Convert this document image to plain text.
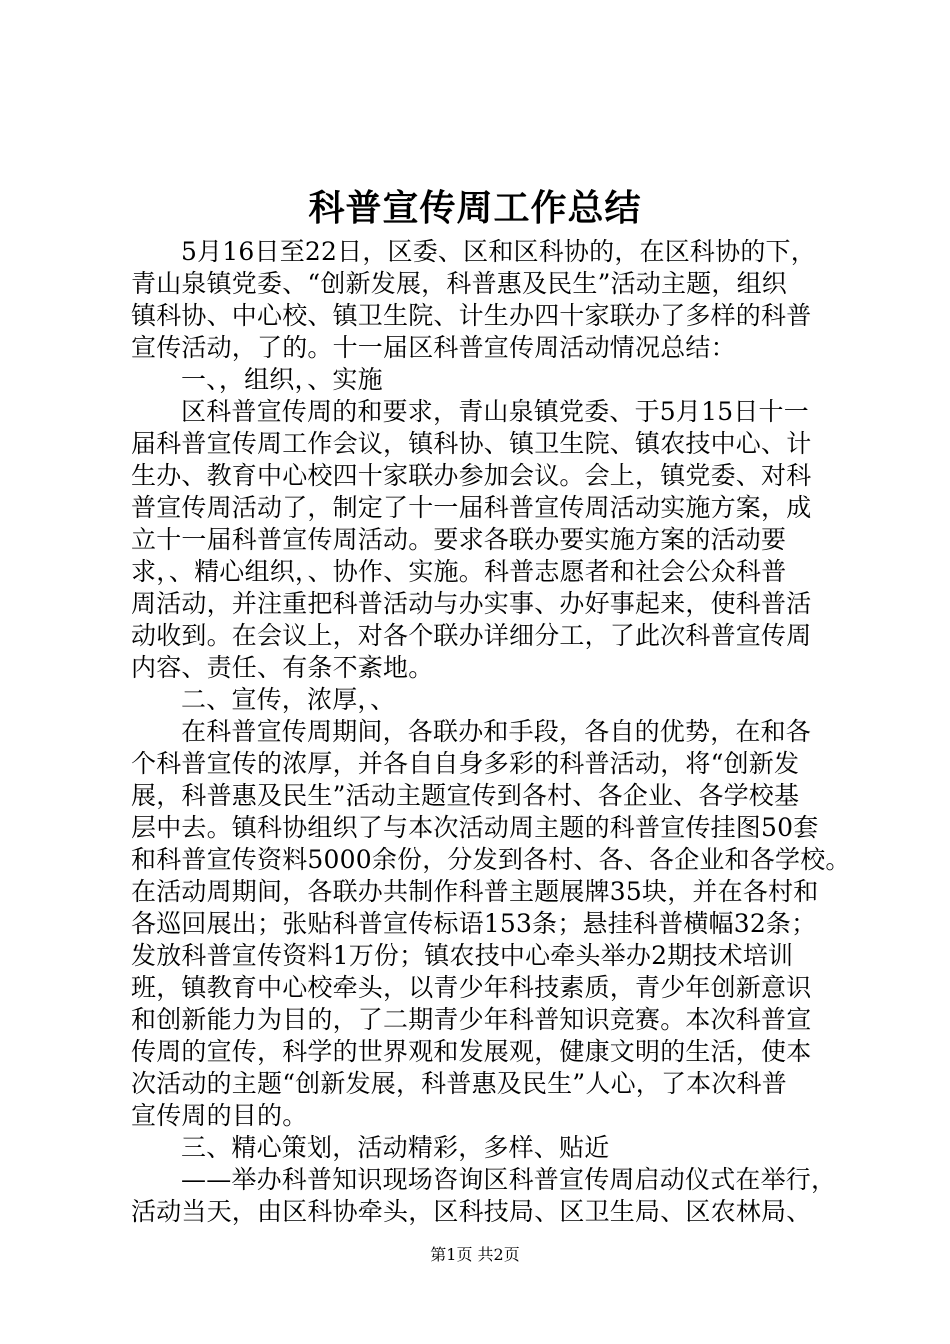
科普宣传周工作总结
5月16日至22日，区委、区和区科协的，在区科协的下，
青山泉镇党委、“创新发展，科普惠及民生”活动主题，组织
镇科协、中心校、镇卫生院、计生办四十家联办了多样的科普
宣传活动，了的。十一届区科普宣传周活动情况总结：
一、，组织，、实施
区科普宣传周的和要求，青山泉镇党委、于5月15日十一
届科普宣传周工作会议，镇科协、镇卫生院、镇农技中心、计
生办、教育中心校四十家联办参加会议。会上，镇党委、对科
普宣传周活动了，制定了十一届科普宣传周活动实施方案，成
立十一届科普宣传周活动。要求各联办要实施方案的活动要
求，、精心组织，、协作、实施。科普志愿者和社会公众科普
周活动，并注重把科普活动与办实事、办好事起来，使科普活
动收到。在会议上，对各个联办详细分工，了此次科普宣传周
内容、责任、有条不紊地。
二、宣传，浓厚，、
在科普宣传周期间，各联办和手段，各自的优势，在和各
个科普宣传的浓厚，并各自自身多彩的科普活动，将“创新发
展，科普惠及民生”活动主题宣传到各村、各企业、各学校基
层中去。镇科协组织了与本次活动周主题的科普宣传挂图50套
和科普宣传资料5000余份，分发到各村、各、各企业和各学校。
在活动周期间，各联办共制作科普主题展牌35块，并在各村和
各巡回展出；张贴科普宣传标语153条；悬挂科普横幅32条；
发放科普宣传资料1万份；镇农技中心牵头举办2期技术培训
班，镇教育中心校牵头，以青少年科技素质，青少年创新意识
和创新能力为目的，了二期青少年科普知识竞赛。本次科普宣
传周的宣传，科学的世界观和发展观，健康文明的生活，使本
次活动的主题“创新发展，科普惠及民生”人心，了本次科普
宣传周的目的。
三、精心策划，活动精彩，多样、贴近
——举办科普知识现场咨询区科普宣传周启动仪式在举行，
活动当天，由区科协牵头，区科技局、区卫生局、区农林局、
第1页 共2页
